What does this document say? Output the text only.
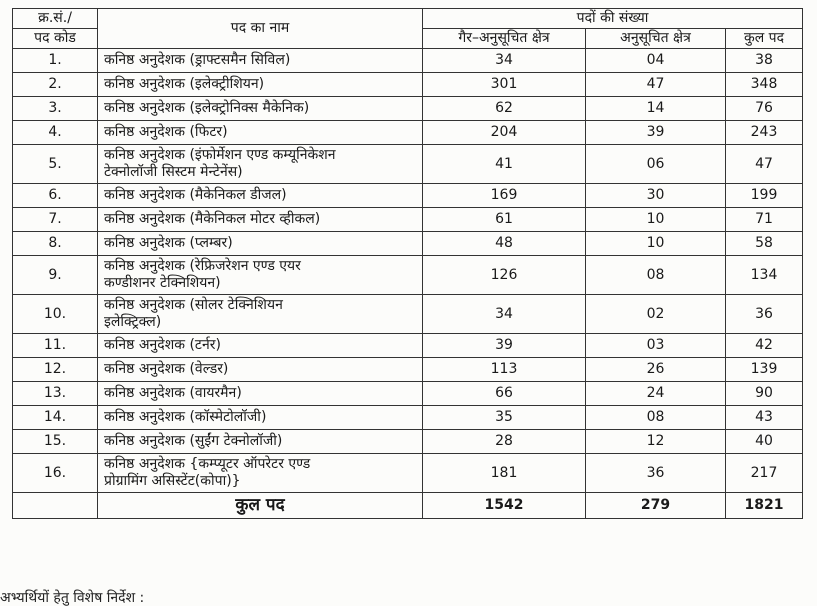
क्र.सं./	पद का नाम	पदों की संख्या		
पद कोड		गैर–अनुसूचित क्षेत्र	अनुसूचित क्षेत्र	कुल पद
1.	कनिष्ठ अनुदेशक (ड्राफ्टसमैन सिविल)	34	04	38
2.	कनिष्ठ अनुदेशक (इलेक्ट्रीशियन)	301	47	348
3.	कनिष्ठ अनुदेशक (इलेक्ट्रोनिक्स मैकेनिक)	62	14	76
4.	कनिष्ठ अनुदेशक (फिटर)	204	39	243
5.	कनिष्ठ अनुदेशक (इंफोर्मेशन एण्ड कम्यूनिकेशन
टेक्नोलॉजी सिस्टम मेन्टेनेंस)	41	06	47
6.	कनिष्ठ अनुदेशक (मैकेनिकल डीजल)	169	30	199
7.	कनिष्ठ अनुदेशक (मैकेनिकल मोटर व्हीकल)	61	10	71
8.	कनिष्ठ अनुदेशक (प्लम्बर)	48	10	58
9.	कनिष्ठ अनुदेशक (रेफ्रिजरेशन एण्ड एयर
कण्डीशनर टेक्निशियन)	126	08	134
10.	कनिष्ठ अनुदेशक (सोलर टेक्निशियन
इलेक्ट्रिक्ल)	34	02	36
11.	कनिष्ठ अनुदेशक (टर्नर)	39	03	42
12.	कनिष्ठ अनुदेशक (वेल्डर)	113	26	139
13.	कनिष्ठ अनुदेशक (वायरमैन)	66	24	90
14.	कनिष्ठ अनुदेशक (कॉस्मेटोलॉजी)	35	08	43
15.	कनिष्ठ अनुदेशक (सुईंग टेक्नोलॉजी)	28	12	40
16.	कनिष्ठ अनुदेशक {कम्प्यूटर ऑपरेटर एण्ड
प्रोग्रामिंग असिस्टेंट(कोपा)}	181	36	217
	कुल पद	1542	279	1821
अभ्यर्थियों हेतु विशेष निर्देश :
